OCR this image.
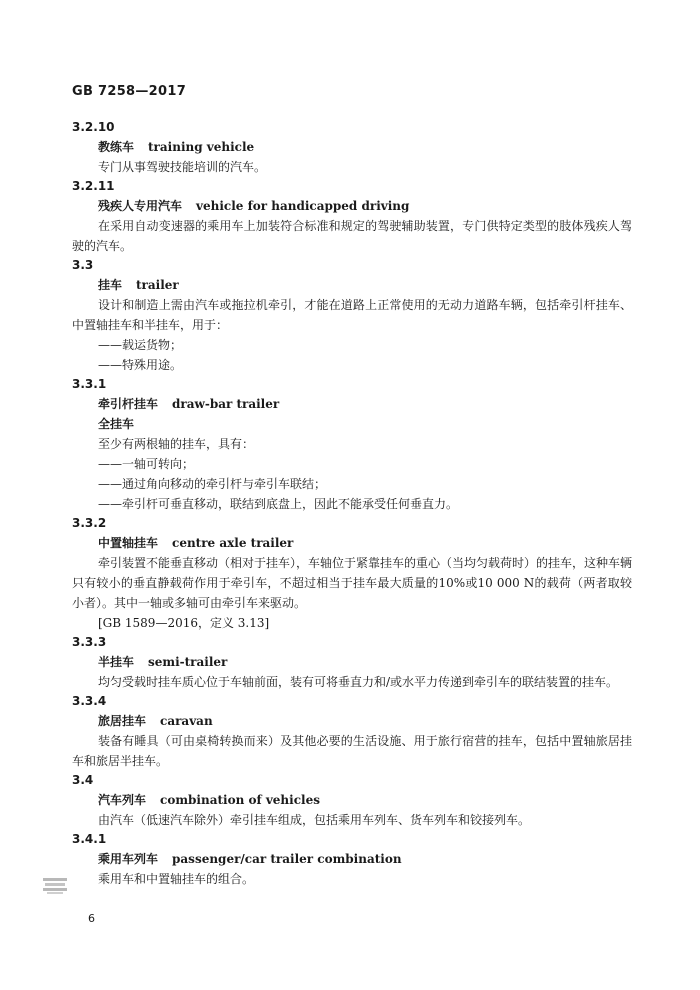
GB 7258—2017
3.2.10
教练车 training vehicle
专门从事驾驶技能培训的汽车。
3.2.11
残疾人专用汽车 vehicle for handicapped driving
在采用自动变速器的乘用车上加装符合标准和规定的驾驶辅助装置，专门供特定类型的肢体残疾人驾驶的汽车。
3.3
挂车 trailer
设计和制造上需由汽车或拖拉机牵引，才能在道路上正常使用的无动力道路车辆，包括牵引杆挂车、中置轴挂车和半挂车，用于：
——载运货物；
——特殊用途。
3.3.1
牵引杆挂车 draw-bar trailer
全挂车
至少有两根轴的挂车，具有：
——一轴可转向；
——通过角向移动的牵引杆与牵引车联结；
——牵引杆可垂直移动，联结到底盘上，因此不能承受任何垂直力。
3.3.2
中置轴挂车 centre axle trailer
牵引装置不能垂直移动（相对于挂车），车轴位于紧靠挂车的重心（当均匀载荷时）的挂车，这种车辆只有较小的垂直静载荷作用于牵引车，不超过相当于挂车最大质量的10%或10 000 N的载荷（两者取较小者）。其中一轴或多轴可由牵引车来驱动。
[GB 1589—2016，定义 3.13]
3.3.3
半挂车 semi-trailer
均匀受载时挂车质心位于车轴前面，装有可将垂直力和/或水平力传递到牵引车的联结装置的挂车。
3.3.4
旅居挂车 caravan
装备有睡具（可由桌椅转换而来）及其他必要的生活设施、用于旅行宿营的挂车，包括中置轴旅居挂车和旅居半挂车。
3.4
汽车列车 combination of vehicles
由汽车（低速汽车除外）牵引挂车组成，包括乘用车列车、货车列车和铰接列车。
3.4.1
乘用车列车 passenger/car trailer combination
乘用车和中置轴挂车的组合。
6
